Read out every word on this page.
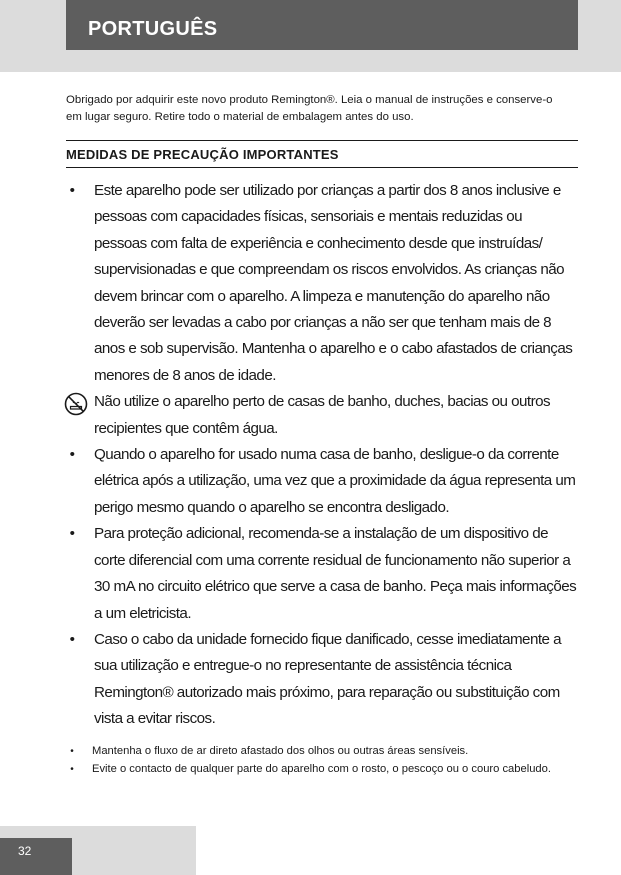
PORTUGUÊS

Obrigado por adquirir este novo produto Remington®. Leia o manual de instruções e conserve-o em lugar seguro. Retire todo o material de embalagem antes do uso.

MEDIDAS DE PRECAUÇÃO IMPORTANTES
• Este aparelho pode ser utilizado por crianças a partir dos 8 anos inclusive e pessoas com capacidades físicas, sensoriais e mentais reduzidas ou pessoas com falta de experiência e conhecimento desde que instruídas/ supervisionadas e que compreendam os riscos envolvidos. As crianças não devem brincar com o aparelho. A limpeza e manutenção do aparelho não deverão ser levadas a cabo por crianças a não ser que tenham mais de 8 anos e sob supervisão. Mantenha o aparelho e o cabo afastados de crianças menores de 8 anos de idade.
Não utilize o aparelho perto de casas de banho, duches, bacias ou outros recipientes que contêm água.
• Quando o aparelho for usado numa casa de banho, desligue-o da corrente elétrica após a utilização, uma vez que a proximidade da água representa um perigo mesmo quando o aparelho se encontra desligado.
• Para proteção adicional, recomenda-se a instalação de um dispositivo de corte diferencial com uma corrente residual de funcionamento não superior a 30 mA no circuito elétrico que serve a casa de banho. Peça mais informações a um eletricista.
• Caso o cabo da unidade fornecido fique danificado, cesse imediatamente a sua utilização e entregue-o no representante de assistência técnica Remington® autorizado mais próximo, para reparação ou substituição com vista a evitar riscos.
•	Mantenha o fluxo de ar direto afastado dos olhos ou outras áreas sensíveis.
•	Evite o contacto de qualquer parte do aparelho com o rosto, o pescoço ou o couro cabeludo.
32
